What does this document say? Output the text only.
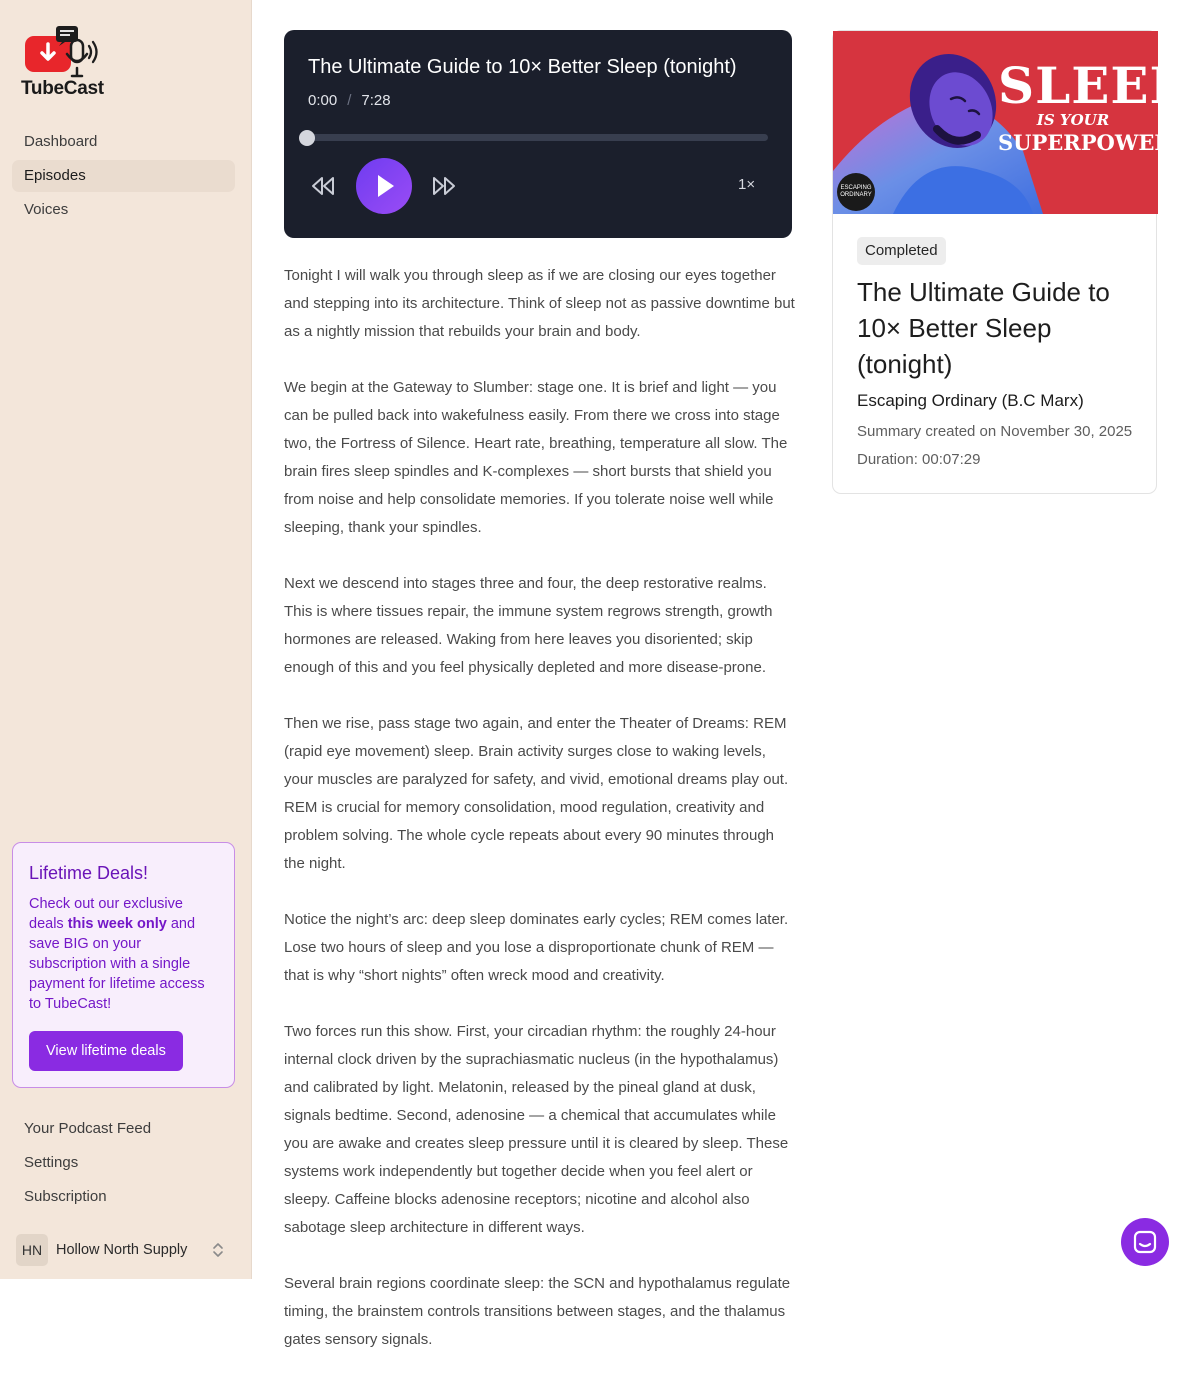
TubeCast
Dashboard
Episodes
Voices
Lifetime Deals!
Check out our exclusive deals this week only and save BIG on your subscription with a single payment for lifetime access to TubeCast!
View lifetime deals
Your Podcast Feed
Settings
Subscription
HN Hollow North Supply
The Ultimate Guide to 10× Better Sleep (tonight)
0:00 / 7:28
1×

Tonight I will walk you through sleep as if we are closing our eyes together and stepping into its architecture. Think of sleep not as passive downtime but as a nightly mission that rebuilds your brain and body.

We begin at the Gateway to Slumber: stage one. It is brief and light — you can be pulled back into wakefulness easily. From there we cross into stage two, the Fortress of Silence. Heart rate, breathing, temperature all slow. The brain fires sleep spindles and K-complexes — short bursts that shield you from noise and help consolidate memories. If you tolerate noise well while sleeping, thank your spindles.

Next we descend into stages three and four, the deep restorative realms. This is where tissues repair, the immune system regrows strength, growth hormones are released. Waking from here leaves you disoriented; skip enough of this and you feel physically depleted and more disease-prone.

Then we rise, pass stage two again, and enter the Theater of Dreams: REM (rapid eye movement) sleep. Brain activity surges close to waking levels, your muscles are paralyzed for safety, and vivid, emotional dreams play out. REM is crucial for memory consolidation, mood regulation, creativity and problem solving. The whole cycle repeats about every 90 minutes through the night.

Notice the night’s arc: deep sleep dominates early cycles; REM comes later. Lose two hours of sleep and you lose a disproportionate chunk of REM — that is why “short nights” often wreck mood and creativity.

Two forces run this show. First, your circadian rhythm: the roughly 24-hour internal clock driven by the suprachiasmatic nucleus (in the hypothalamus) and calibrated by light. Melatonin, released by the pineal gland at dusk, signals bedtime. Second, adenosine — a chemical that accumulates while you are awake and creates sleep pressure until it is cleared by sleep. These systems work independently but together decide when you feel alert or sleepy. Caffeine blocks adenosine receptors; nicotine and alcohol also sabotage sleep architecture in different ways.

Several brain regions coordinate sleep: the SCN and hypothalamus regulate timing, the brainstem controls transitions between stages, and the thalamus gates sensory signals.

SLEEP
IS YOUR
SUPERPOWER
ESCAPING
ORDINARY
Completed
The Ultimate Guide to 10× Better Sleep (tonight)
Escaping Ordinary (B.C Marx)
Summary created on November 30, 2025
Duration: 00:07:29
